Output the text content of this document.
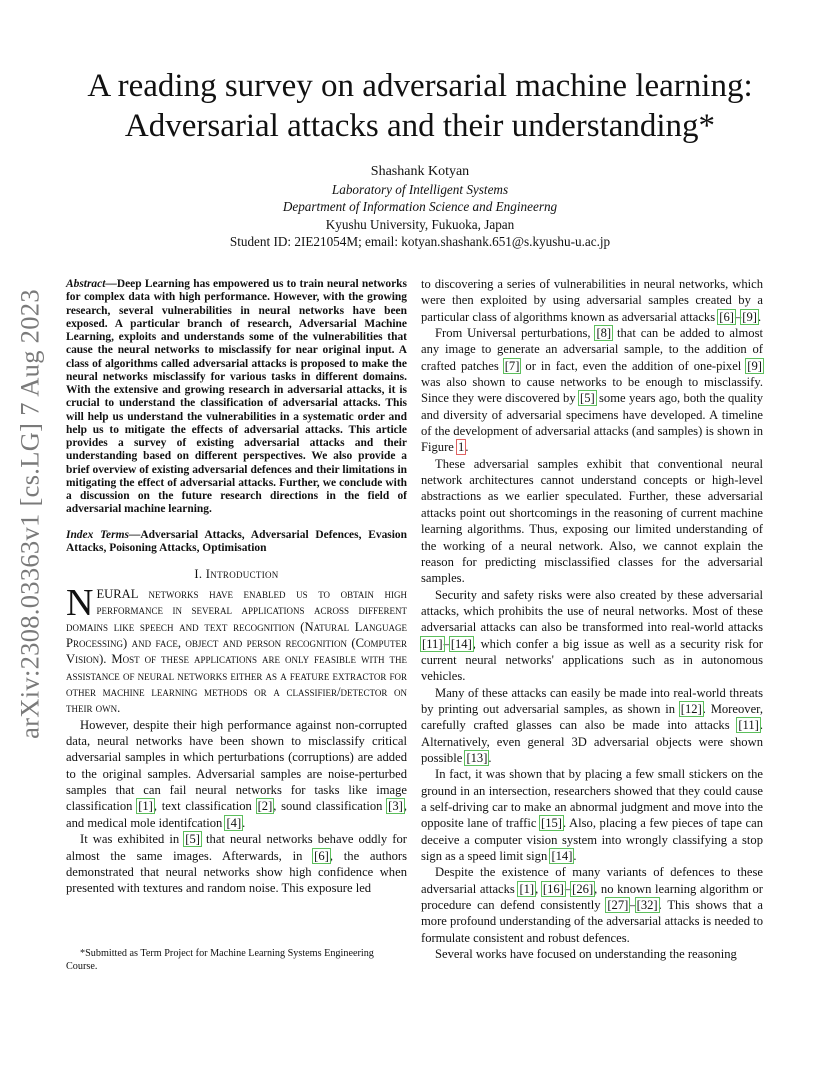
arXiv:2308.03363v1 [cs.LG] 7 Aug 2023
A reading survey on adversarial machine learning:
Adversarial attacks and their understanding*
Shashank Kotyan
Laboratory of Intelligent Systems
Department of Information Science and Engineerng
Kyushu University, Fukuoka, Japan
Student ID: 2IE21054M; email: kotyan.shashank.651@s.kyushu-u.ac.jp

Abstract—Deep Learning has empowered us to train neural networks for complex data with high performance. However, with the growing research, several vulnerabilities in neural networks have been exposed. A particular branch of research, Adversarial Machine Learning, exploits and understands some of the vulnerabilities that cause the neural networks to misclassify for near original input. A class of algorithms called adversarial attacks is proposed to make the neural networks misclassify for various tasks in different domains. With the extensive and growing research in adversarial attacks, it is crucial to understand the classification of adversarial attacks. This will help us understand the vulnerabilities in a systematic order and help us to mitigate the effects of adversarial attacks. This article provides a survey of existing adversarial attacks and their understanding based on different perspectives. We also provide a brief overview of existing adversarial defences and their limitations in mitigating the effect of adversarial attacks. Further, we conclude with a discussion on the future research directions in the field of adversarial machine learning.

Index Terms—Adversarial Attacks, Adversarial Defences, Evasion Attacks, Poisoning Attacks, Optimisation

I. Introduction

NEURAL networks have enabled us to obtain high performance in several applications across different domains like speech and text recognition (Natural Language Processing) and face, object and person recognition (Computer Vision). Most of these applications are only feasible with the assistance of neural networks either as a feature extractor for other machine learning methods or a classifier/detector on their own.

However, despite their high performance against non-corrupted data, neural networks have been shown to misclassify critical adversarial samples in which perturbations (corruptions) are added to the original samples. Adversarial samples are noise-perturbed samples that can fail neural networks for tasks like image classification [1], text classification [2], sound classification [3], and medical mole identifcation [4].

It was exhibited in [5] that neural networks behave oddly for almost the same images. Afterwards, in [6], the authors demonstrated that neural networks show high confidence when presented with textures and random noise. This exposure led

*Submitted as Term Project for Machine Learning Systems Engineering Course.

to discovering a series of vulnerabilities in neural networks, which were then exploited by using adversarial samples created by a particular class of algorithms known as adversarial attacks [6]–[9].

From Universal perturbations, [8] that can be added to almost any image to generate an adversarial sample, to the addition of crafted patches [7] or in fact, even the addition of one-pixel [9] was also shown to cause networks to be enough to misclassify. Since they were discovered by [5] some years ago, both the quality and diversity of adversarial specimens have developed. A timeline of the development of adversarial attacks (and samples) is shown in Figure 1.

These adversarial samples exhibit that conventional neural network architectures cannot understand concepts or high-level abstractions as we earlier speculated. Further, these adversarial attacks point out shortcomings in the reasoning of current machine learning algorithms. Thus, exposing our limited understanding of the working of a neural network. Also, we cannot explain the reason for predicting misclassified classes for the adversarial samples.

Security and safety risks were also created by these adversarial attacks, which prohibits the use of neural networks. Most of these adversarial attacks can also be transformed into real-world attacks [11]–[14], which confer a big issue as well as a security risk for current neural networks' applications such as in autonomous vehicles.

Many of these attacks can easily be made into real-world threats by printing out adversarial samples, as shown in [12]. Moreover, carefully crafted glasses can also be made into attacks [11]. Alternatively, even general 3D adversarial objects were shown possible [13].

In fact, it was shown that by placing a few small stickers on the ground in an intersection, researchers showed that they could cause a self-driving car to make an abnormal judgment and move into the opposite lane of traffic [15]. Also, placing a few pieces of tape can deceive a computer vision system into wrongly classifying a stop sign as a speed limit sign [14].

Despite the existence of many variants of defences to these adversarial attacks [1], [16]–[26], no known learning algorithm or procedure can defend consistently [27]–[32]. This shows that a more profound understanding of the adversarial attacks is needed to formulate consistent and robust defences.

Several works have focused on understanding the reasoning
